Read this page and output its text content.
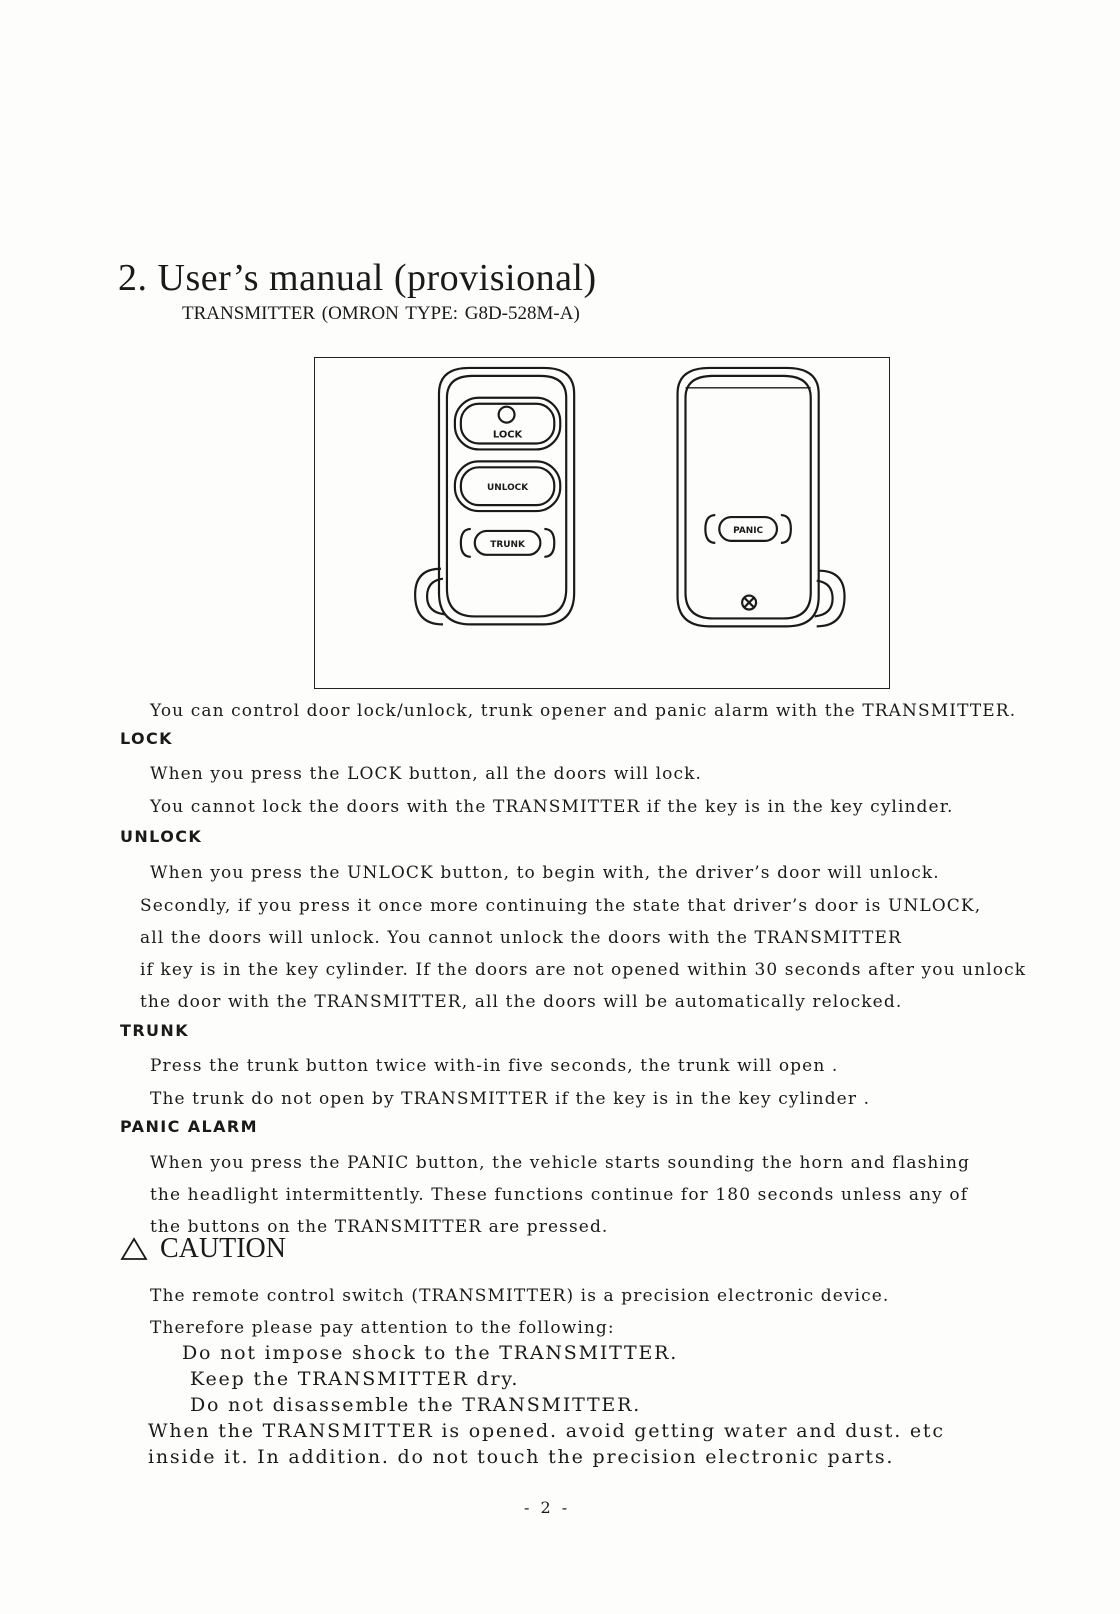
2. User’s manual (provisional)
TRANSMITTER (OMRON TYPE: G8D-528M-A)
LOCK
UNLOCK
TRUNK
PANIC
You can control door lock/unlock, trunk opener and panic alarm with the TRANSMITTER.
LOCK
When you press the LOCK button, all the doors will lock.
You cannot lock the doors with the TRANSMITTER if the key is in the key cylinder.
UNLOCK
When you press the UNLOCK button, to begin with, the driver’s door will unlock.
Secondly, if you press it once more continuing the state that driver’s door is UNLOCK,
all the doors will unlock. You cannot unlock the doors with the TRANSMITTER
if key is in the key cylinder. If the doors are not opened within 30 seconds after you unlock
the door with the TRANSMITTER, all the doors will be automatically relocked.
TRUNK
Press the trunk button twice with-in five seconds, the trunk will open .
The trunk do not open by TRANSMITTER if the key is in the key cylinder .
PANIC ALARM
When you press the PANIC button, the vehicle starts sounding the horn and flashing
the headlight intermittently. These functions continue for 180 seconds unless any of
the buttons on the TRANSMITTER are pressed.
CAUTION
The remote control switch (TRANSMITTER) is a precision electronic device.
Therefore please pay attention to the following:
Do not impose shock to the TRANSMITTER.
Keep the TRANSMITTER dry.
Do not disassemble the TRANSMITTER.
When the TRANSMITTER is opened. avoid getting water and dust. etc
inside it. In addition. do not touch the precision electronic parts.
- 2 -
